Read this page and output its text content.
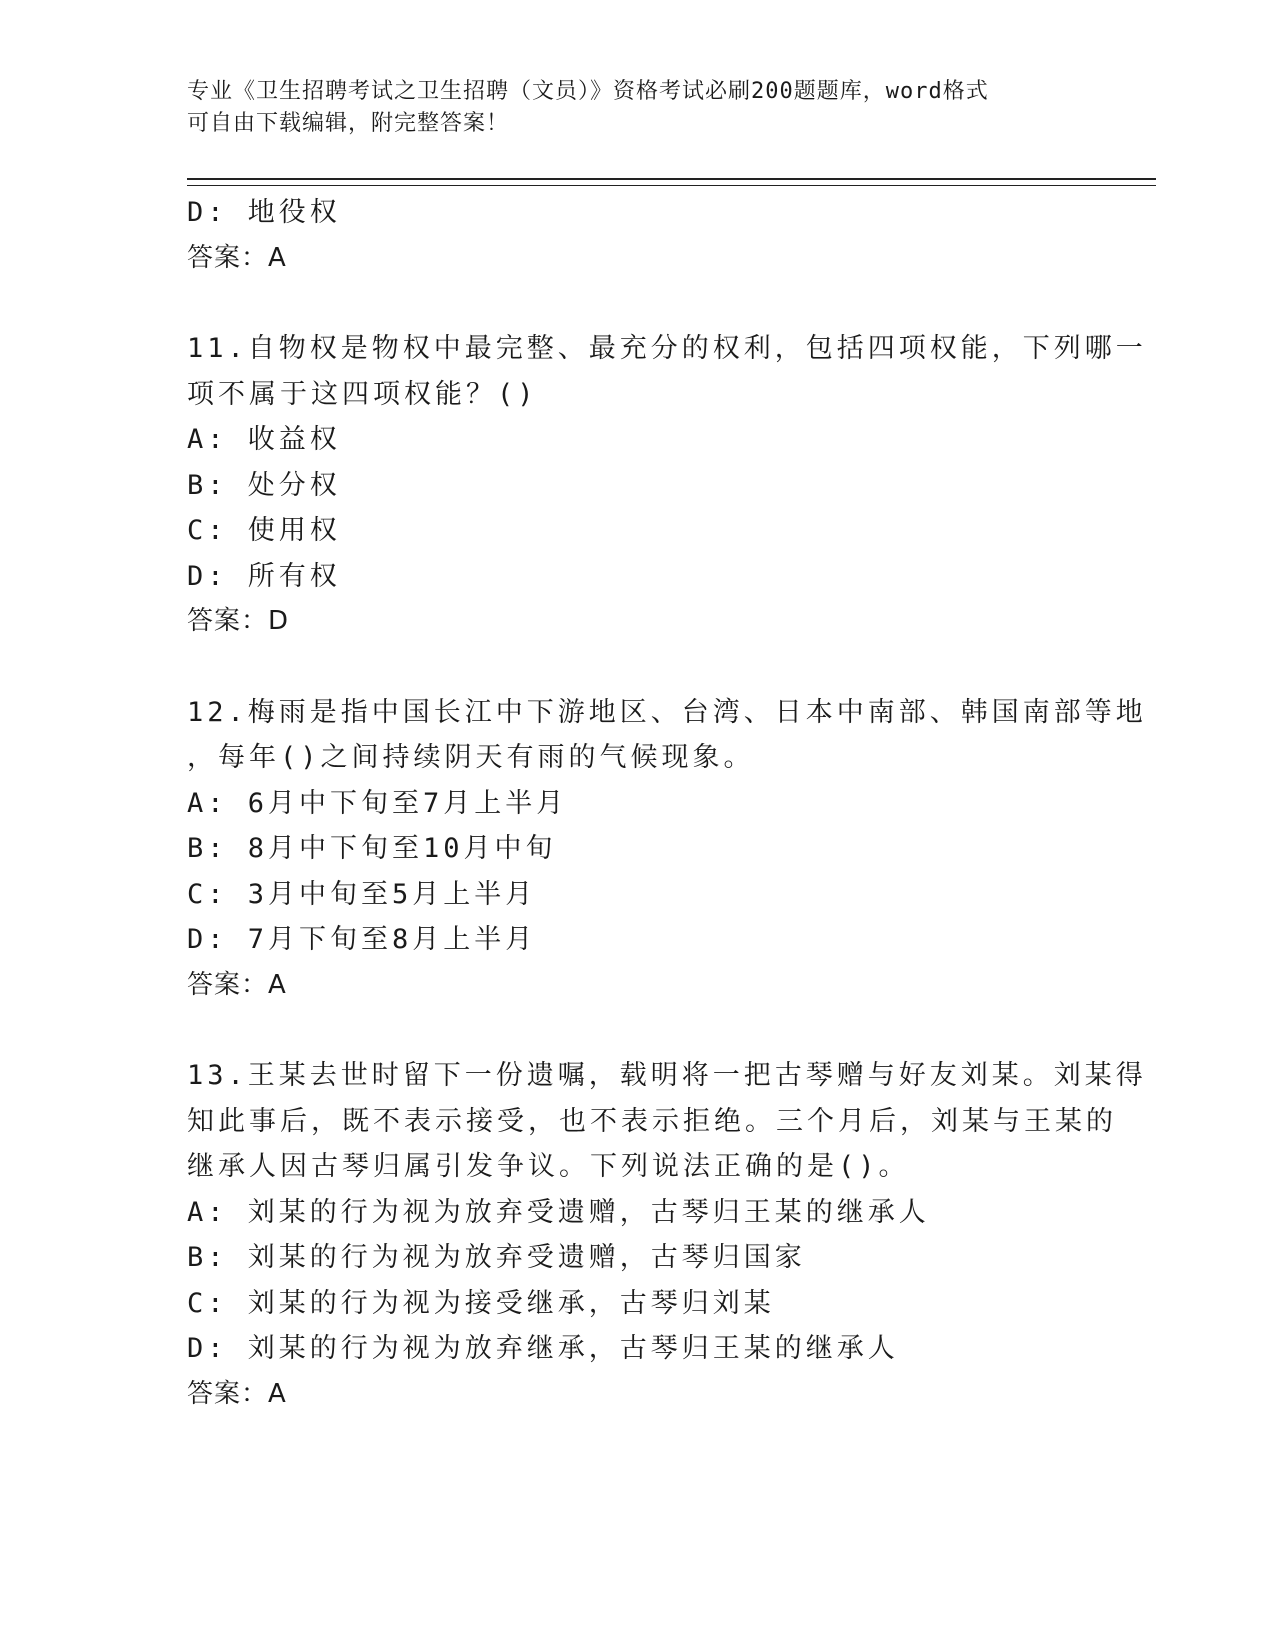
专业《卫生招聘考试之卫生招聘（文员）》资格考试必刷200题题库，word格式

可自由下载编辑，附完整答案！

D: 地役权

答案：A

11.自物权是物权中最完整、最充分的权利，包括四项权能，下列哪一

项不属于这四项权能？()

A: 收益权

B: 处分权

C: 使用权

D: 所有权

答案：D

12.梅雨是指中国长江中下游地区、台湾、日本中南部、韩国南部等地

，每年()之间持续阴天有雨的气候现象。

A: 6月中下旬至7月上半月

B: 8月中下旬至10月中旬

C: 3月中旬至5月上半月

D: 7月下旬至8月上半月

答案：A

13.王某去世时留下一份遗嘱，载明将一把古琴赠与好友刘某。刘某得

知此事后，既不表示接受，也不表示拒绝。三个月后，刘某与王某的

继承人因古琴归属引发争议。下列说法正确的是()。

A: 刘某的行为视为放弃受遗赠，古琴归王某的继承人

B: 刘某的行为视为放弃受遗赠，古琴归国家

C: 刘某的行为视为接受继承，古琴归刘某

D: 刘某的行为视为放弃继承，古琴归王某的继承人

答案：A
